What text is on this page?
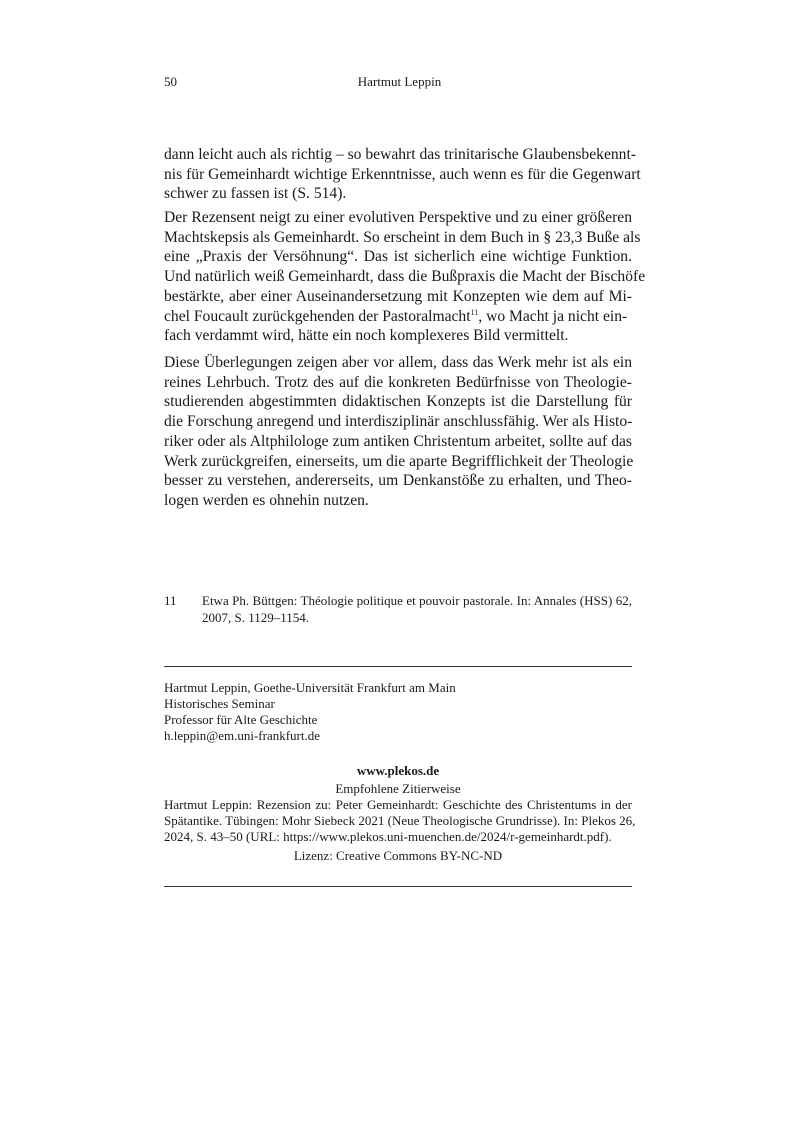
50	Hartmut Leppin
dann leicht auch als richtig – so bewahrt das trinitarische Glaubensbekennt-
nis für Gemeinhardt wichtige Erkenntnisse, auch wenn es für die Gegenwart
schwer zu fassen ist (S. 514).
Der Rezensent neigt zu einer evolutiven Perspektive und zu einer größeren
Machtskepsis als Gemeinhardt. So erscheint in dem Buch in § 23,3 Buße als
eine „Praxis der Versöhnung“. Das ist sicherlich eine wichtige Funktion.
Und natürlich weiß Gemeinhardt, dass die Bußpraxis die Macht der Bischöfe
bestärkte, aber einer Auseinandersetzung mit Konzepten wie dem auf Mi-
chel Foucault zurückgehenden der Pastoralmacht$^{11}$, wo Macht ja nicht ein-
fach verdammt wird, hätte ein noch komplexeres Bild vermittelt.
Diese Überlegungen zeigen aber vor allem, dass das Werk mehr ist als ein
reines Lehrbuch. Trotz des auf die konkreten Bedürfnisse von Theologie-
studierenden abgestimmten didaktischen Konzepts ist die Darstellung für
die Forschung anregend und interdisziplinär anschlussfähig. Wer als Histo-
riker oder als Altphilologe zum antiken Christentum arbeitet, sollte auf das
Werk zurückgreifen, einerseits, um die aparte Begrifflichkeit der Theologie
besser zu verstehen, andererseits, um Denkanstöße zu erhalten, und Theo-
logen werden es ohnehin nutzen.
11 Etwa Ph. Büttgen: Théologie politique et pouvoir pastorale. In: Annales (HSS) 62,
2007, S. 1129–1154.
Hartmut Leppin, Goethe-Universität Frankfurt am Main
Historisches Seminar
Professor für Alte Geschichte
h.leppin@em.uni-frankfurt.de
www.plekos.de
Empfohlene Zitierweise
Hartmut Leppin: Rezension zu: Peter Gemeinhardt: Geschichte des Christentums in der
Spätantike. Tübingen: Mohr Siebeck 2021 (Neue Theologische Grundrisse). In: Plekos 26,
2024, S. 43–50 (URL: https://www.plekos.uni-muenchen.de/2024/r-gemeinhardt.pdf).
Lizenz: Creative Commons BY-NC-ND
